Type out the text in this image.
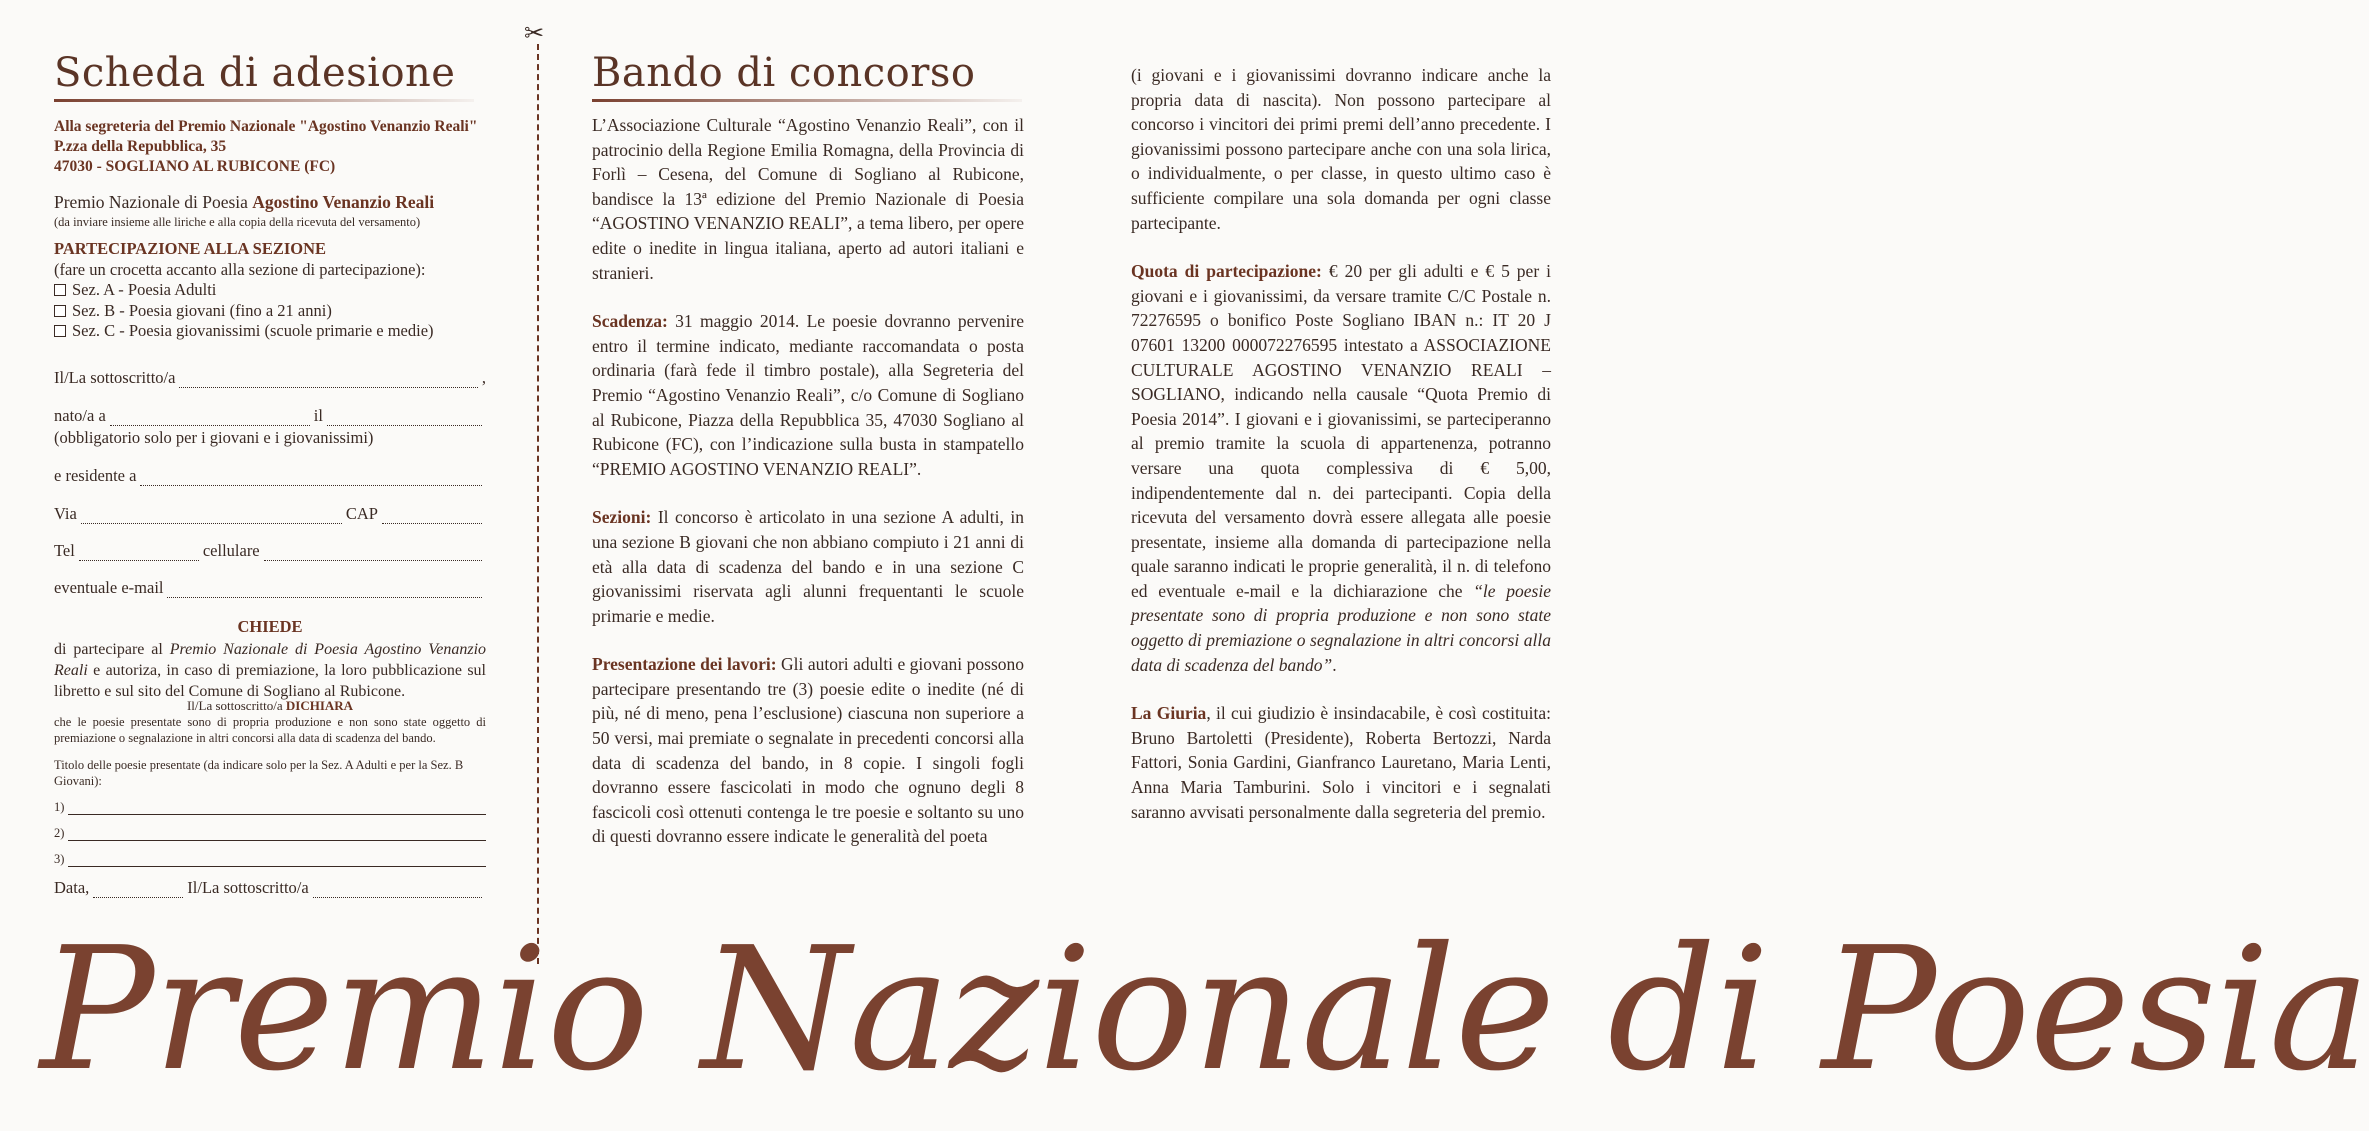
✂
Scheda di adesione
Alla segreteria del Premio Nazionale "Agostino Venanzio Reali"
P.zza della Repubblica, 35
47030 - SOGLIANO AL RUBICONE (FC)
Premio Nazionale di Poesia Agostino Venanzio Reali
(da inviare insieme alle liriche e alla copia della ricevuta del versamento)
PARTECIPAZIONE ALLA SEZIONE
(fare un crocetta accanto alla sezione di partecipazione):
Sez. A - Poesia Adulti
Sez. B - Poesia giovani (fino a 21 anni)
Sez. C - Poesia giovanissimi (scuole primarie e medie)
Il/La sottoscritto/a	,
nato/a a	il
(obbligatorio solo per i giovani e i giovanissimi)
e residente a
Via	CAP
Tel	cellulare
eventuale e-mail
CHIEDE
di partecipare al Premio Nazionale di Poesia Agostino Venanzio Reali e autoriza, in caso di premiazione, la loro pubblicazione sul libretto e sul sito del Comune di Sogliano al Rubicone.
Il/La sottoscritto/a DICHIARA
che le poesie presentate sono di propria produzione e non sono state oggetto di premiazione o segnalazione in altri concorsi alla data di scadenza del bando.
Titolo delle poesie presentate (da indicare solo per la Sez. A Adulti e per la Sez. B Giovani):
1)
2)
3)
Data,	Il/La sottoscritto/a
Bando di concorso

L’Associazione Culturale “Agostino Venanzio Reali”, con il patrocinio della Regione Emilia Romagna, della Provincia di Forlì – Cesena, del Comune di Sogliano al Rubicone, bandisce la 13ª edizione del Premio Nazionale di Poesia “AGOSTINO VENANZIO REALI”, a tema libero, per opere edite o inedite in lingua italiana, aperto ad autori italiani e stranieri.

Scadenza: 31 maggio 2014. Le poesie dovranno pervenire entro il termine indicato, mediante raccomandata o posta ordinaria (farà fede il timbro postale), alla Segreteria del Premio “Agostino Venanzio Reali”, c/o Comune di Sogliano al Rubicone, Piazza della Repubblica 35, 47030 Sogliano al Rubicone (FC), con l’indicazione sulla busta in stampatello “PREMIO AGOSTINO VENANZIO REALI”.

Sezioni: Il concorso è articolato in una sezione A adulti, in una sezione B giovani che non abbiano compiuto i 21 anni di età alla data di scadenza del bando e in una sezione C giovanissimi riservata agli alunni frequentanti le scuole primarie e medie.

Presentazione dei lavori: Gli autori adulti e giovani possono partecipare presentando tre (3) poesie edite o inedite (né di più, né di meno, pena l’esclusione) ciascuna non superiore a 50 versi, mai premiate o segnalate in precedenti concorsi alla data di scadenza del bando, in 8 copie. I singoli fogli dovranno essere fascicolati in modo che ognuno degli 8 fascicoli così ottenuti contenga le tre poesie e soltanto su uno di questi dovranno essere indicate le generalità del poeta

(i giovani e i giovanissimi dovranno indicare anche la propria data di nascita). Non possono partecipare al concorso i vincitori dei primi premi dell’anno precedente. I giovanissimi possono partecipare anche con una sola lirica, o individualmente, o per classe, in questo ultimo caso è sufficiente compilare una sola domanda per ogni classe partecipante.

Quota di partecipazione: € 20 per gli adulti e € 5 per i giovani e i giovanissimi, da versare tramite C/C Postale n. 72276595 o bonifico Poste Sogliano IBAN n.: IT 20 J 07601 13200 000072276595 intestato a ASSOCIAZIONE CULTURALE AGOSTINO VENANZIO REALI – SOGLIANO, indicando nella causale “Quota Premio di Poesia 2014”. I giovani e i giovanissimi, se parteciperanno al premio tramite la scuola di appartenenza, potranno versare una quota complessiva di € 5,00, indipendentemente dal n. dei partecipanti. Copia della ricevuta del versamento dovrà essere allegata alle poesie presentate, insieme alla domanda di partecipazione nella quale saranno indicati le proprie generalità, il n. di telefono ed eventuale e-mail e la dichiarazione che “le poesie presentate sono di propria produzione e non sono state oggetto di premiazione o segnalazione in altri concorsi alla data di scadenza del bando”.

La Giuria, il cui giudizio è insindacabile, è così costituita: Bruno Bartoletti (Presidente), Roberta Bertozzi, Narda Fattori, Sonia Gardini, Gianfranco Lauretano, Maria Lenti, Anna Maria Tamburini. Solo i vincitori e i segnalati saranno avvisati personalmente dalla segreteria del premio.

Premio Nazionale di Poesia
